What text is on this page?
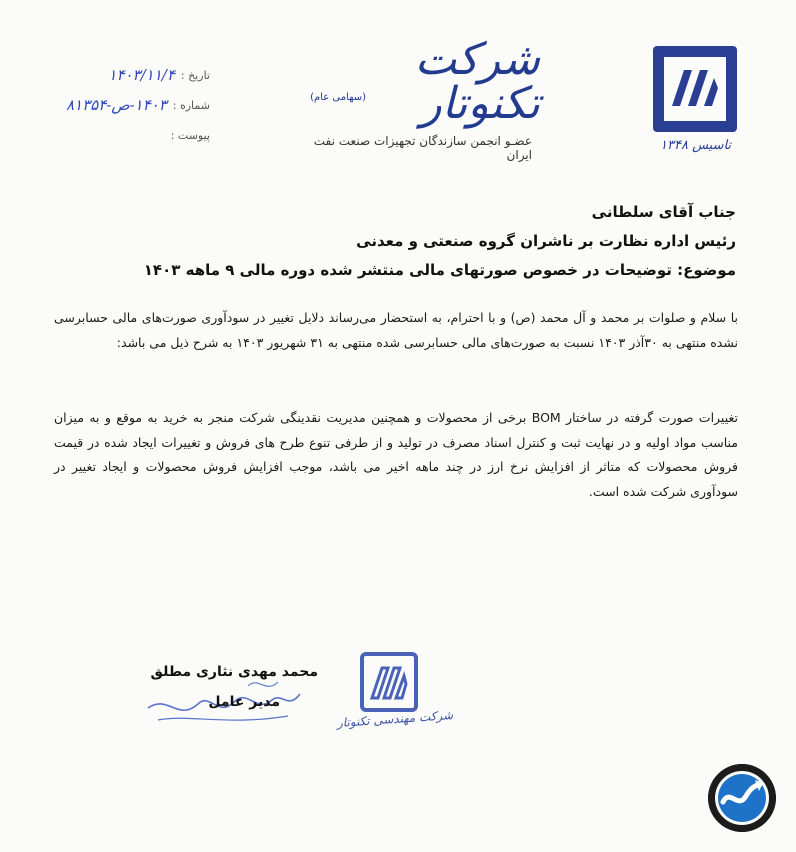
تاسیس ۱۳۴۸
شرکت تکنوتار
(سهامی عام)
عضـو انجمن سازندگان تجهیزات صنعت نفت ایران
تاریخ :
۱۴۰۳/۱۱/۴
شماره :
۱۴۰۳-ص-۸۱۳۵۴
پیوست :
جناب آقای سلطانی
رئیس اداره نظارت بر ناشران گروه صنعتی و معدنی
موضوع: توضیحات در خصوص صورتهای مالی منتشر شده دوره مالی ۹ ماهه ۱۴۰۳

با سلام و صلوات بر محمد و آل محمد (ص) و با احترام، به استحضار می‌رساند دلایل تغییر در سودآوری صورت‌های مالی حسابرسی نشده منتهی به ۳۰آذر ۱۴۰۳ نسبت به صورت‌های مالی حسابرسی شده منتهی به ۳۱ شهریور ۱۴۰۳ به شرح ذیل می باشد:

تغییرات صورت گرفته در ساختار BOM برخی از محصولات و همچنین مدیریت نقدینگی شرکت منجر به خرید به موقع و به میزان مناسب مواد اولیه و در نهایت ثبت و کنترل اسناد مصرف در تولید و از طرفی تنوع طرح های فروش و تغییرات ایجاد شده در قیمت فروش محصولات که متاثر از افزایش نرخ ارز در چند ماهه اخیر می باشد، موجب افزایش فروش محصولات و ایجاد تغییر در سودآوری شرکت شده است.

شرکت مهندسی تکنوتار
محمد مهدی نثاری مطلق
مدیر عامل
